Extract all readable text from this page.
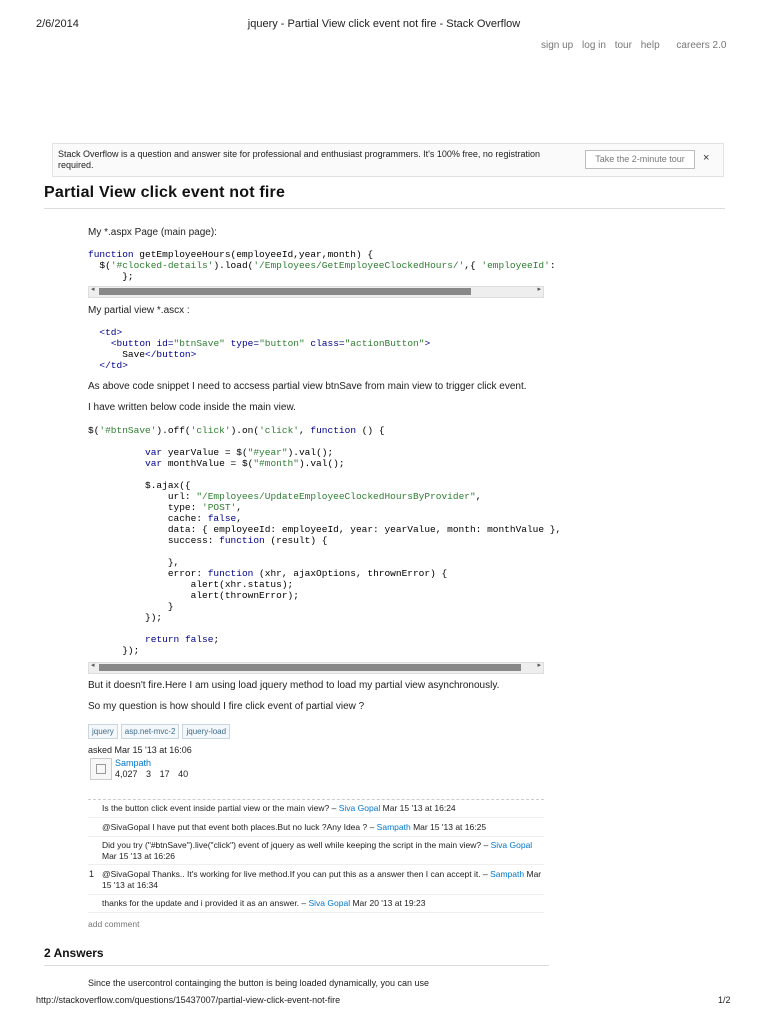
2/6/2014	jquery - Partial View click event not fire - Stack Overflow
sign up log in tour help careers 2.0
Stack Overflow is a question and answer site for professional and enthusiast programmers. It's 100% free, no registration required.
Take the 2-minute tour	×
Partial View click event not fire
My *.aspx Page (main page):
function getEmployeeHours(employeeId,year,month) {
$('#clocked-details').load('/Employees/GetEmployeeClockedHours/',{ 'employeeId':
};
◂	▸
My partial view *.ascx :
<td>
<button id="btnSave" type="button" class="actionButton">
Save</button>
</td>
As above code snippet I need to accsess partial view btnSave from main view to trigger click event.
I have written below code inside the main view.
$('#btnSave').off('click').on('click', function () {

var yearValue = $("#year").val();
var monthValue = $("#month").val();

$.ajax({
url: "/Employees/UpdateEmployeeClockedHoursByProvider",
type: 'POST',
cache: false,
data: { employeeId: employeeId, year: yearValue, month: monthValue },
success: function (result) {

},
error: function (xhr, ajaxOptions, thrownError) {
alert(xhr.status);
alert(thrownError);
}
});

return false;
});
◂	▸
But it doesn't fire.Here I am using load jquery method to load my partial view asynchronously.
So my question is how should I fire click event of partial view ?
jquery asp.net-mvc-2 jquery-load
asked Mar 15 '13 at 16:06
Sampath
4,027 3 17 40
Is the button click event inside partial view or the main view? – Siva Gopal Mar 15 '13 at 16:24
@SivaGopal I have put that event both places.But no luck ?Any Idea ? – Sampath Mar 15 '13 at 16:25
Did you try ("#btnSave").live("click") event of jquery as well while keeping the script in the main view? – Siva Gopal Mar 15 '13 at 16:26
1 @SivaGopal Thanks.. It's working for live method.If you can put this as a answer then I can accept it. – Sampath Mar 15 '13 at 16:34
thanks for the update and i provided it as an answer. – Siva Gopal Mar 20 '13 at 19:23
add comment
2 Answers
Since the usercontrol containging the button is being loaded dynamically, you can use
http://stackoverflow.com/questions/15437007/partial-view-click-event-not-fire	1/2
